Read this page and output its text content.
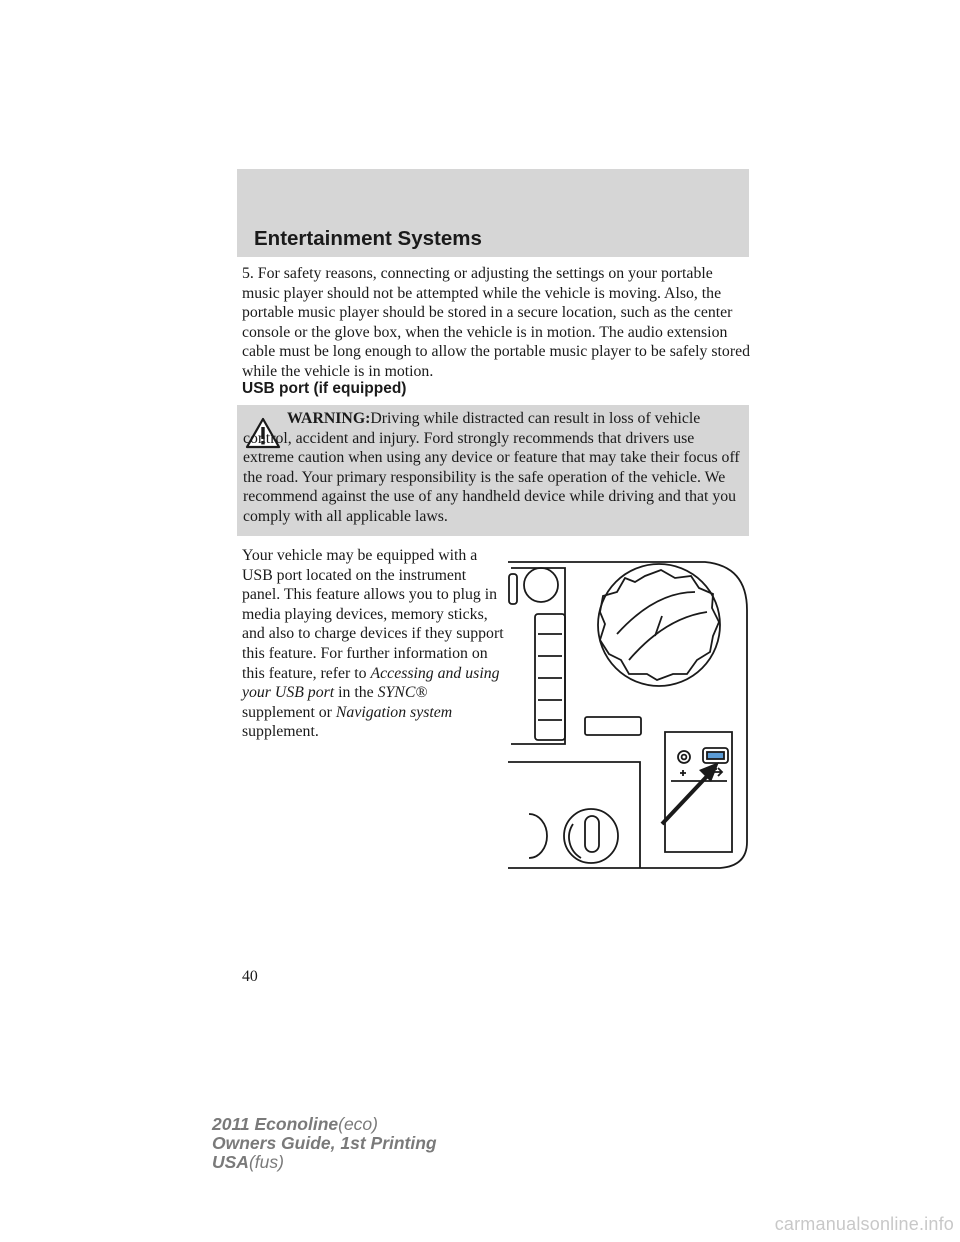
Entertainment Systems

5. For safety reasons, connecting or adjusting the settings on your portable music player should not be attempted while the vehicle is moving. Also, the portable music player should be stored in a secure location, such as the center console or the glove box, when the vehicle is in motion. The audio extension cable must be long enough to allow the portable music player to be safely stored while the vehicle is in motion.

USB port (if equipped)

WARNING:Driving while distracted can result in loss of vehicle control, accident and injury. Ford strongly recommends that drivers use extreme caution when using any device or feature that may take their focus off the road. Your primary responsibility is the safe operation of the vehicle. We recommend against the use of any handheld device while driving and that you comply with all applicable laws.

Your vehicle may be equipped with a USB port located on the instrument panel. This feature allows you to plug in media playing devices, memory sticks, and also to charge devices if they support this feature. For further information on this feature, refer to Accessing and using your USB port in the SYNC® supplement or Navigation system supplement.

40
2011 Econoline(eco)
Owners Guide, 1st Printing
USA(fus)
carmanualsonline.info
